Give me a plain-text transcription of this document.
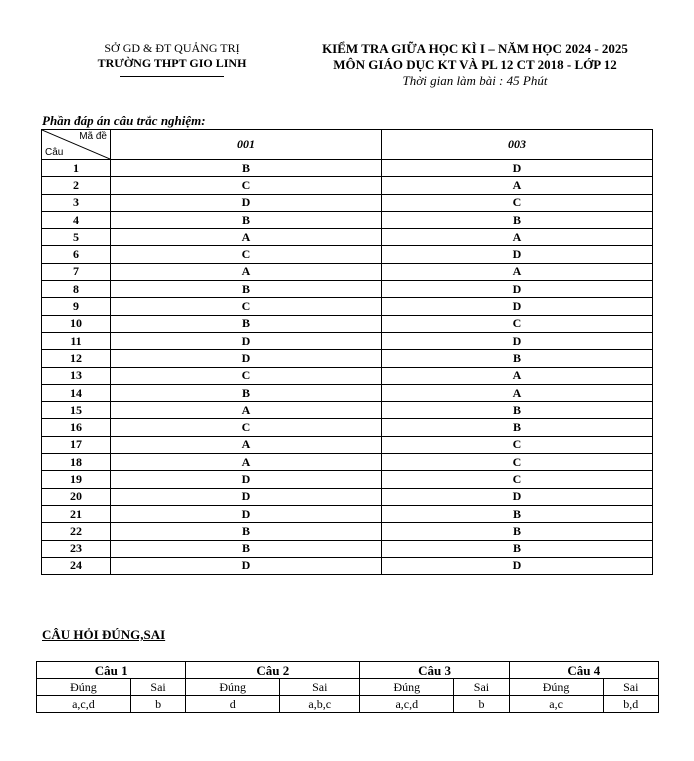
SỞ GD & ĐT QUẢNG TRỊ
TRƯỜNG THPT GIO LINH
KIỂM TRA GIỮA HỌC KÌ I – NĂM HỌC 2024 - 2025
MÔN GIÁO DỤC KT VÀ PL 12 CT 2018 - LỚP 12
Thời gian làm bài : 45 Phút
Phần đáp án câu trắc nghiệm:
Mã đề
Câu	001	003
1	B	D
2	C	A
3	D	C
4	B	B
5	A	A
6	C	D
7	A	A
8	B	D
9	C	D
10	B	C
11	D	D
12	D	B
13	C	A
14	B	A
15	A	B
16	C	B
17	A	C
18	A	C
19	D	C
20	D	D
21	D	B
22	B	B
23	B	B
24	D	D
CÂU HỎI ĐÚNG,SAI
Câu 1		Câu 2		Câu 3		Câu 4	
Đúng	Sai	Đúng	Sai	Đúng	Sai	Đúng	Sai
a,c,d	b	d	a,b,c	a,c,d	b	a,c	b,d
